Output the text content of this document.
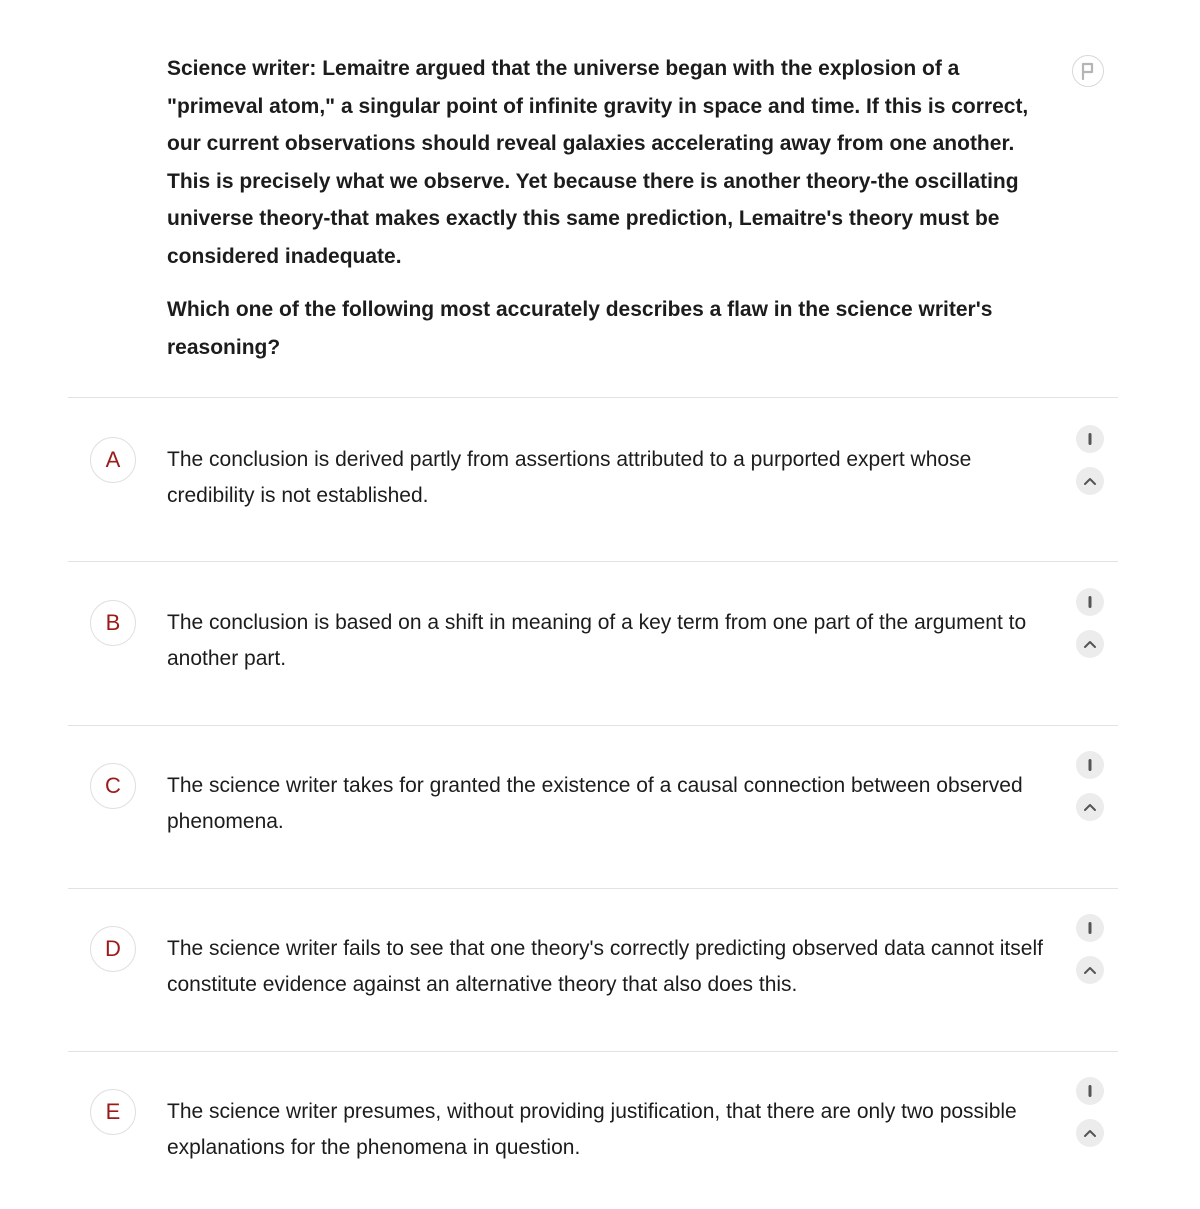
Science writer: Lemaitre argued that the universe began with the explosion of a "primeval atom," a singular point of infinite gravity in space and time. If this is correct, our current observations should reveal galaxies accelerating away from one another. This is precisely what we observe. Yet because there is another theory-the oscillating universe theory-that makes exactly this same prediction, Lemaitre's theory must be considered inadequate.

Which one of the following most accurately describes a flaw in the science writer's reasoning?

A	The conclusion is derived partly from assertions attributed to a purported expert whose credibility is not established.

B	The conclusion is based on a shift in meaning of a key term from one part of the argument to another part.

C	The science writer takes for granted the existence of a causal connection between observed phenomena.

D	The science writer fails to see that one theory's correctly predicting observed data cannot itself constitute evidence against an alternative theory that also does this.

E	The science writer presumes, without providing justification, that there are only two possible explanations for the phenomena in question.
